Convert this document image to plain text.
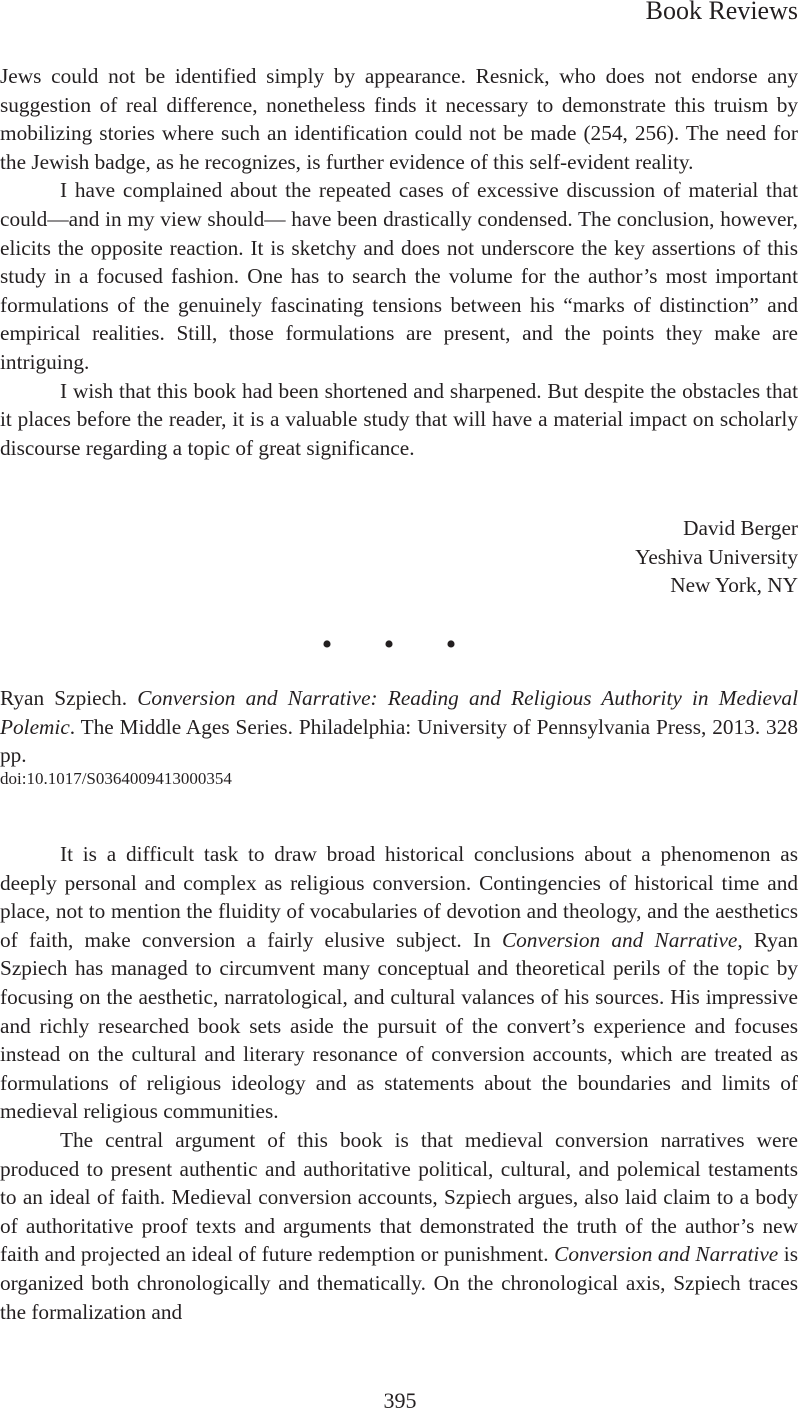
Book Reviews

Jews could not be identified simply by appearance. Resnick, who does not endorse any suggestion of real difference, nonetheless finds it necessary to demonstrate this truism by mobilizing stories where such an identification could not be made (254, 256). The need for the Jewish badge, as he recognizes, is further evidence of this self-evident reality.

I have complained about the repeated cases of excessive discussion of material that could—and in my view should— have been drastically condensed. The conclusion, however, elicits the opposite reaction. It is sketchy and does not underscore the key assertions of this study in a focused fashion. One has to search the volume for the author’s most important formulations of the genuinely fascinating tensions between his “marks of distinction” and empirical realities. Still, those formulations are present, and the points they make are intriguing.

I wish that this book had been shortened and sharpened. But despite the obstacles that it places before the reader, it is a valuable study that will have a material impact on scholarly discourse regarding a topic of great significance.

David Berger
Yeshiva University
New York, NY
• • •

Ryan Szpiech. Conversion and Narrative: Reading and Religious Authority in Medieval Polemic. The Middle Ages Series. Philadelphia: University of Pennsylvania Press, 2013. 328 pp.

doi:10.1017/S0364009413000354

It is a difficult task to draw broad historical conclusions about a phenomenon as deeply personal and complex as religious conversion. Contingencies of historical time and place, not to mention the fluidity of vocabularies of devotion and theology, and the aesthetics of faith, make conversion a fairly elusive subject. In Conversion and Narrative, Ryan Szpiech has managed to circumvent many conceptual and theoretical perils of the topic by focusing on the aesthetic, narratological, and cultural valances of his sources. His impressive and richly researched book sets aside the pursuit of the convert’s experience and focuses instead on the cultural and literary resonance of conversion accounts, which are treated as formulations of religious ideology and as statements about the boundaries and limits of medieval religious communities.

The central argument of this book is that medieval conversion narratives were produced to present authentic and authoritative political, cultural, and polemical testaments to an ideal of faith. Medieval conversion accounts, Szpiech argues, also laid claim to a body of authoritative proof texts and arguments that demonstrated the truth of the author’s new faith and projected an ideal of future redemption or punishment. Conversion and Narrative is organized both chronologically and thematically. On the chronological axis, Szpiech traces the formalization and

395
